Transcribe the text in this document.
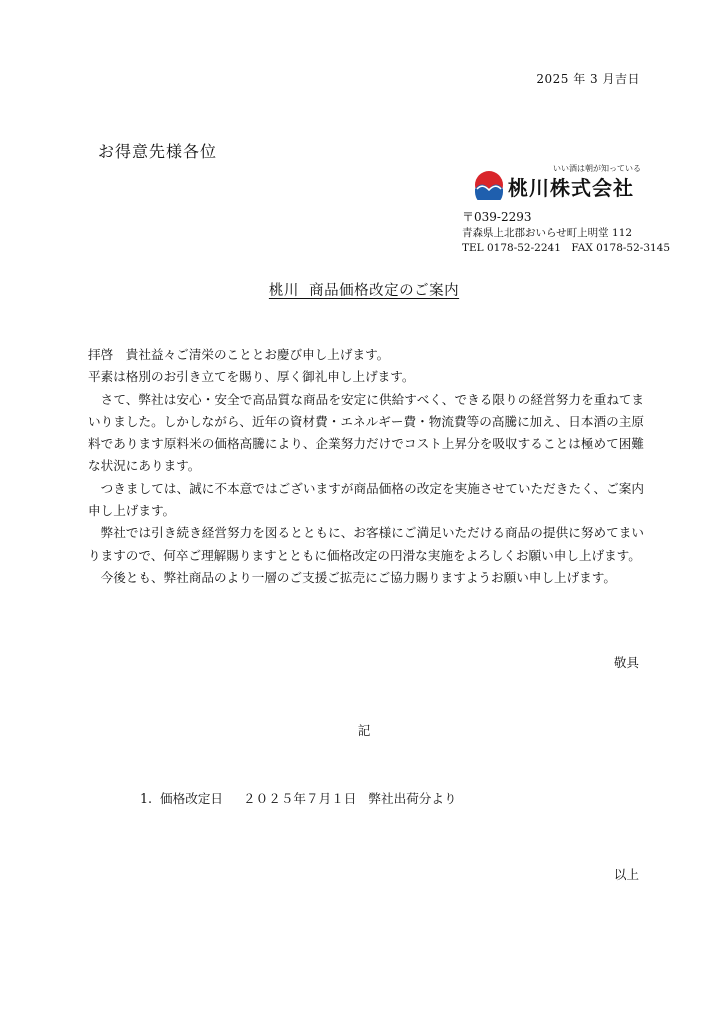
2025 年 3 月吉日
お得意先様各位
いい酒は朝が知っている
桃川株式会社
〒039-2293
青森県上北郡おいらせ町上明堂 112
TEL 0178-52-2241　FAX 0178-52-3145
桃川  商品価格改定のご案内

拝啓　貴社益々ご清栄のこととお慶び申し上げます。

平素は格別のお引き立てを賜り、厚く御礼申し上げます。

　さて、弊社は安心・安全で高品質な商品を安定に供給すべく、できる限りの経営努力を重ねてまいりました。しかしながら、近年の資材費・エネルギー費・物流費等の高騰に加え、日本酒の主原料であります原料米の価格高騰により、企業努力だけでコスト上昇分を吸収することは極めて困難な状況にあります。

　つきましては、誠に不本意ではございますが商品価格の改定を実施させていただきたく、ご案内申し上げます。

　弊社では引き続き経営努力を図るとともに、お客様にご満足いただける商品の提供に努めてまいりますので、何卒ご理解賜りますとともに価格改定の円滑な実施をよろしくお願い申し上げます。

　今後とも、弊社商品のより一層のご支援ご拡売にご協力賜りますようお願い申し上げます。

敬具
記
1. 価格改定日 ２０２５年７月１日 弊社出荷分より
以上
